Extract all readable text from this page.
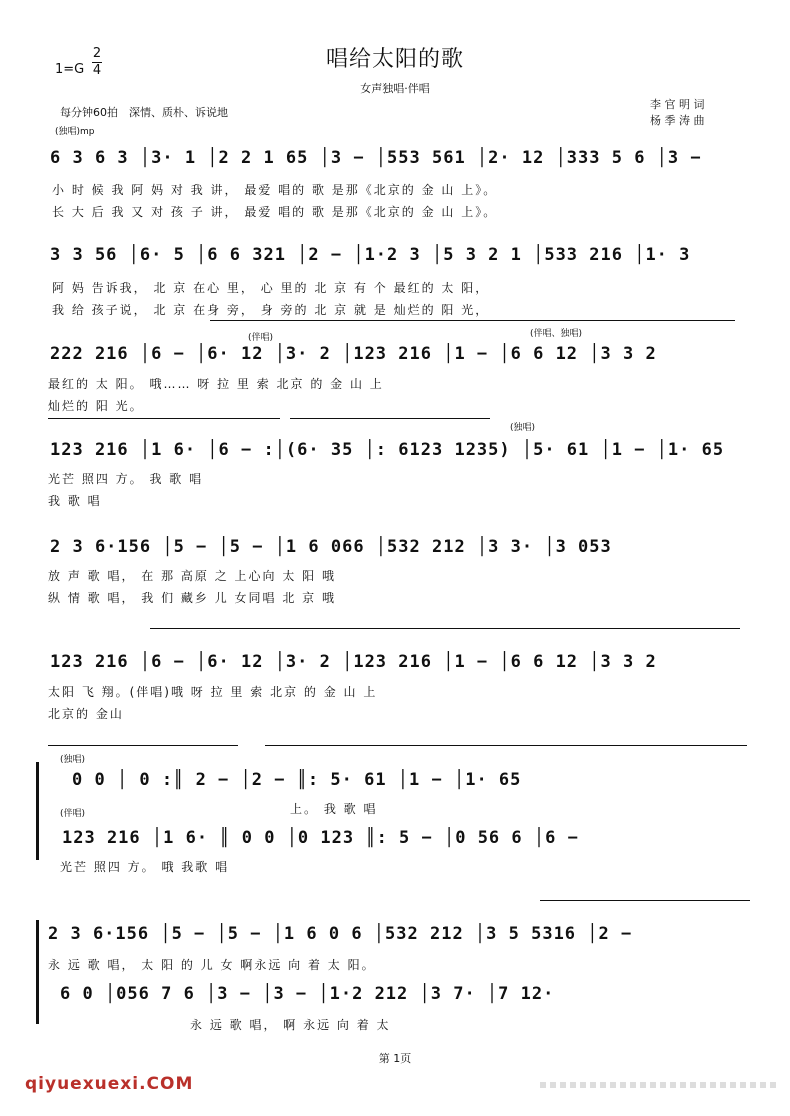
唱给太阳的歌
女声独唱·伴唱
1=G
2
4
每分钟60拍　深情、质朴、诉说地
李 官 明 词
杨 季 涛 曲
(独唱)mp
6 3 6 3 │3· 1 │2 2 1 65 │3 − │553 561 │2· 12 │333 5 6 │3 −
小 时 候 我 阿 妈 对 我 讲， 最爱 唱的 歌 是那《北京的 金 山 上》。
长 大 后 我 又 对 孩 子 讲， 最爱 唱的 歌 是那《北京的 金 山 上》。
3 3 56 │6· 5 │6 6 321 │2 − │1·2 3 │5 3 2 1 │533 216 │1· 3
阿 妈 告诉我， 北 京 在心 里， 心 里的 北 京 有 个 最红的 太 阳，
我 给 孩子说， 北 京 在身 旁， 身 旁的 北 京 就 是 灿烂的 阳 光，
(伴唱)	(伴唱、独唱)
222 216 │6 − │6· 12 │3· 2 │123 216 │1 − │6 6 12 │3 3 2
最红的 太 阳。 哦…… 呀 拉 里 索 北京 的 金 山 上
灿烂的 阳 光。
(独唱)
123 216 │1 6· │6 − :│(6· 35 │: 6123 1235) │5· 61 │1 − │1· 65
光芒 照四 方。 我 歌 唱
我 歌 唱
2 3 6·156 │5 − │5 − │1 6 066 │532 212 │3 3· │3 053
放 声 歌 唱， 在 那 高原 之 上心向 太 阳 哦
纵 情 歌 唱， 我 们 藏乡 儿 女同唱 北 京 哦
123 216 │6 − │6· 12 │3· 2 │123 216 │1 − │6 6 12 │3 3 2
太阳 飞 翔。(伴唱)哦 呀 拉 里 索 北京 的 金 山 上
北京的 金山
(独唱)
0 0 │ 0 :║ 2 − │2 − ║: 5· 61 │1 − │1· 65
上。 我 歌 唱
(伴唱)
123 216 │1 6· ║ 0 0 │0 123 ║: 5 − │0 56 6 │6 −
光芒 照四 方。 哦 我歌 唱
2 3 6·156 │5 − │5 − │1 6 0 6 │532 212 │3 5 5316 │2 −
永 远 歌 唱， 太 阳 的 儿 女 啊永远 向 着 太 阳。
6 0 │056 7 6 │3 − │3 − │1·2 212 │3 7· │7 12·
永 远 歌 唱， 啊 永远 向 着 太
第 1页
qiyuexuexi.COM
